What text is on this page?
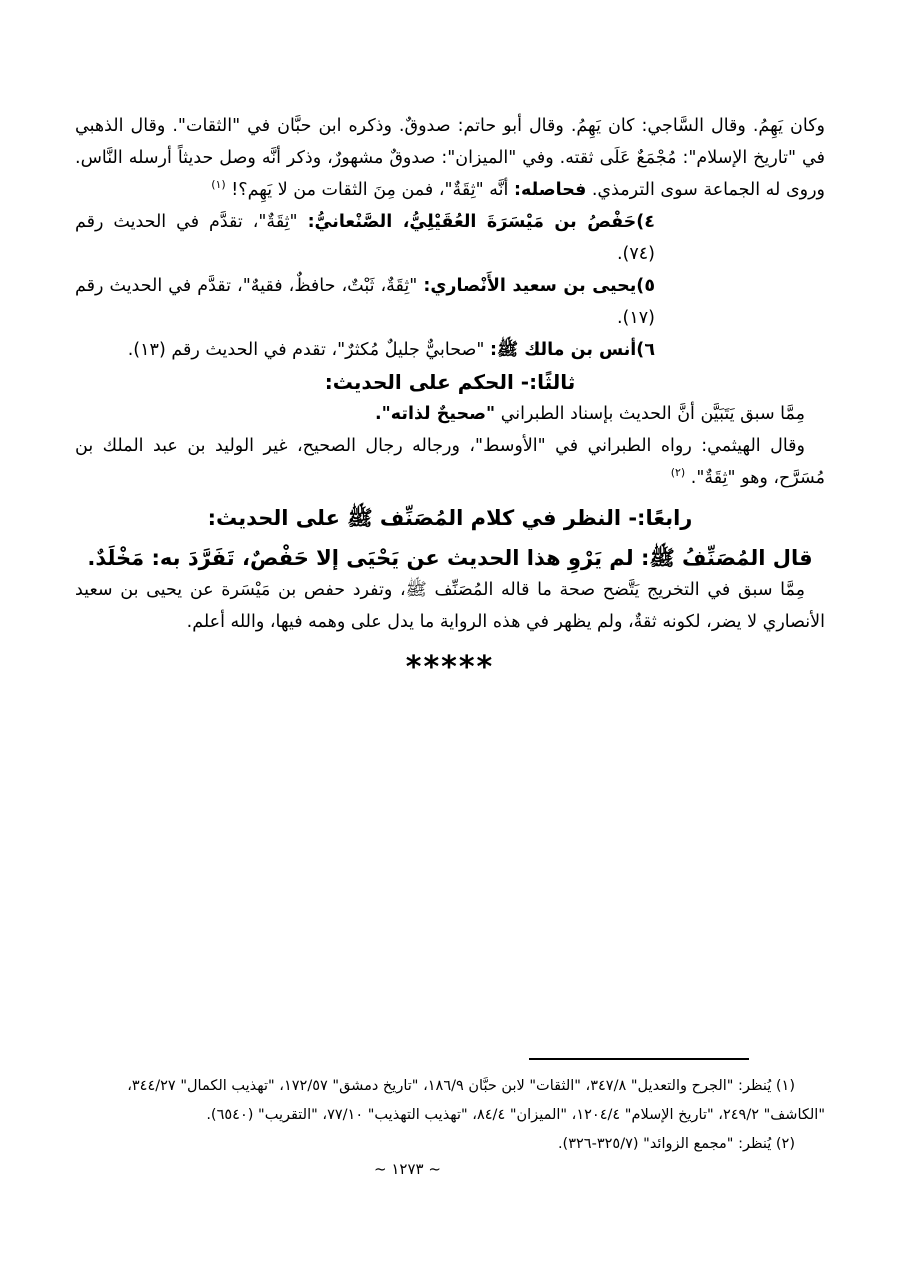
وكان يَهِمُ. وقال السَّاجي: كان يَهِمُ. وقال أبو حاتم: صدوقٌ. وذكره ابن حبَّان في "الثقات". وقال الذهبي في "تاريخ الإسلام": مُجْمَعٌ عَلَى ثقته. وفي "الميزان": صدوقٌ مشهورٌ، وذكر أنَّه وصل حديثاً أرسله النَّاس. وروى له الجماعة سوى الترمذي. فحاصله: أنَّه "ثِقَةٌ"، فمن مِنَ الثقات من لا يَهِم؟! $^{(١)}$

٤)حَفْصُ بن مَيْسَرَةَ العُقَيْلِيُّ، الصَّنْعانيُّ: "ثِقَةٌ"، تقدَّم في الحديث رقم (٧٤).

٥)يحيى بن سعيد الأَنْصاري: "ثِقَةٌ، ثَبْتٌ، حافظٌ، فقيهٌ"، تقدَّم في الحديث رقم (١٧).

٦)أنس بن مالك ﷺ: "صحابيٌّ جليلٌ مُكثرٌ"، تقدم في الحديث رقم (١٣).

ثالثًا:- الحكم على الحديث:

مِمَّا سبق يَتَبَيَّن أنَّ الحديث بإسناد الطبراني "صحيحٌ لذاته".

وقال الهيثمي: رواه الطبراني في "الأوسط"، ورجاله رجال الصحيح، غير الوليد بن عبد الملك بن مُسَرَّح، وهو "ثِقَةٌ". $^{(٢)}$

رابعًا:- النظر في كلام المُصَنِّف ﷺ على الحديث:

قال المُصَنِّفُ ﷺ: لم يَرْوِ هذا الحديث عن يَحْيَى إلا حَفْصٌ، تَفَرَّدَ به: مَخْلَدٌ.

مِمَّا سبق في التخريج يَتَّضح صحة ما قاله المُصَنِّف ﷺ، وتفرد حفص بن مَيْسَرة عن يحيى بن سعيد الأنصاري لا يضر، لكونه ثقةٌ، ولم يظهر في هذه الرواية ما يدل على وهمه فيها، والله أعلم.

*****

(١) يُنظر: "الجرح والتعديل" ٣٤٧/٨، "الثقات" لابن حبَّان ١٨٦/٩، "تاريخ دمشق" ١٧٢/٥٧، "تهذيب الكمال" ٣٤٤/٢٧،

"الكاشف" ٢٤٩/٢، "تاريخ الإسلام" ١٢٠٤/٤، "الميزان" ٨٤/٤، "تهذيب التهذيب" ٧٧/١٠، "التقريب" (٦٥٤٠).

(٢) يُنظر: "مجمع الزوائد" (٣٢٥/٧-٣٢٦).

~ ١٢٧٣ ~
